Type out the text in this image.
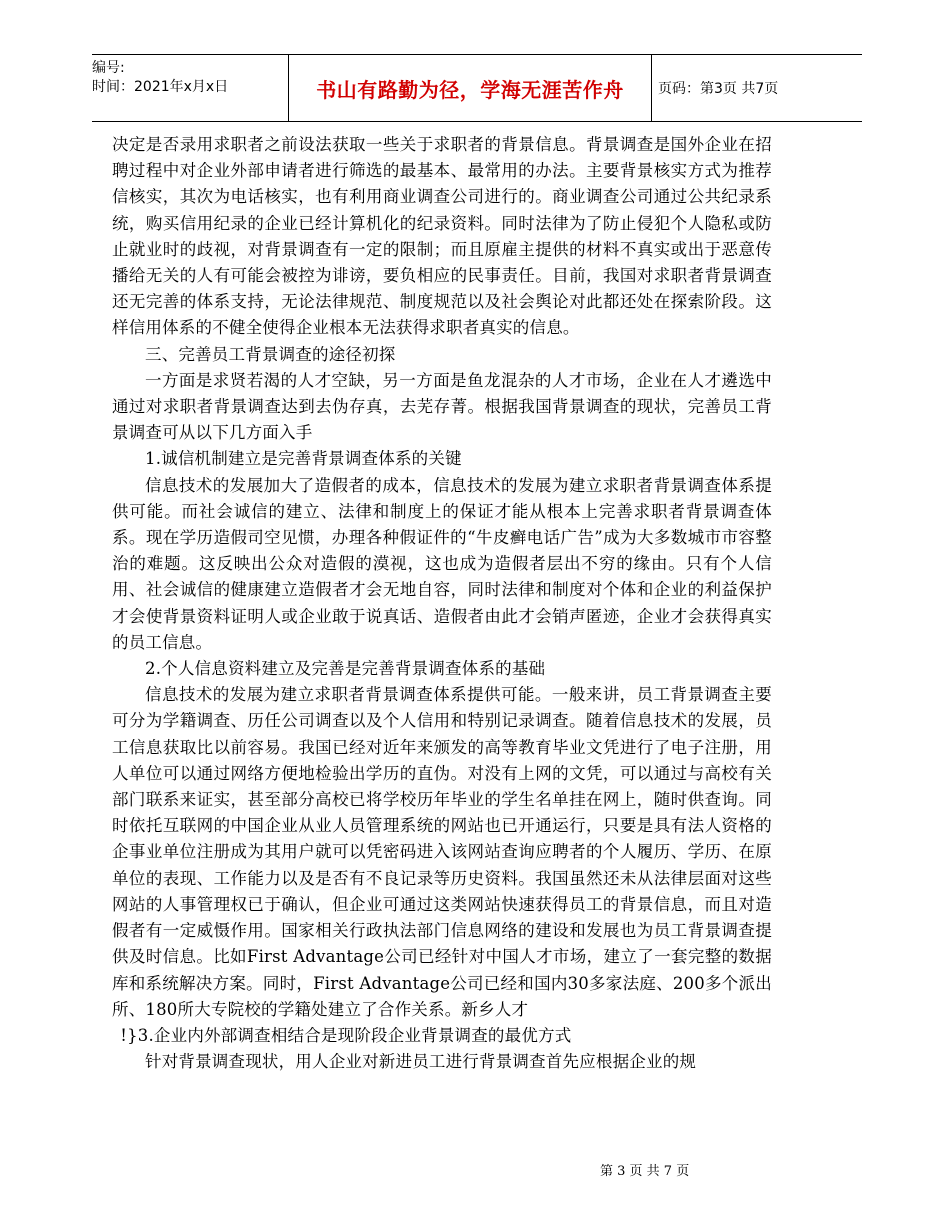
编号:
时间：2021年x月x日	书山有路勤为径，学海无涯苦作舟 页码：第3页 共7页

决定是否录用求职者之前设法获取一些关于求职者的背景信息。背景调查是国外企业在招聘过程中对企业外部申请者进行筛选的最基本、最常用的办法。主要背景核实方式为推荐信核实，其次为电话核实，也有利用商业调查公司进行的。商业调查公司通过公共纪录系统，购买信用纪录的企业已经计算机化的纪录资料。同时法律为了防止侵犯个人隐私或防止就业时的歧视，对背景调查有一定的限制；而且原雇主提供的材料不真实或出于恶意传播给无关的人有可能会被控为诽谤，要负相应的民事责任。目前，我国对求职者背景调查还无完善的体系支持，无论法律规范、制度规范以及社会舆论对此都还处在探索阶段。这样信用体系的不健全使得企业根本无法获得求职者真实的信息。

三、完善员工背景调查的途径初探

一方面是求贤若渴的人才空缺，另一方面是鱼龙混杂的人才市场，企业在人才遴选中通过对求职者背景调查达到去伪存真，去芜存菁。根据我国背景调查的现状，完善员工背景调查可从以下几方面入手

1.诚信机制建立是完善背景调查体系的关键

信息技术的发展加大了造假者的成本，信息技术的发展为建立求职者背景调查体系提供可能。而社会诚信的建立、法律和制度上的保证才能从根本上完善求职者背景调查体系。现在学历造假司空见惯，办理各种假证件的“牛皮癣电话广告”成为大多数城市市容整治的难题。这反映出公众对造假的漠视，这也成为造假者层出不穷的缘由。只有个人信用、社会诚信的健康建立造假者才会无地自容，同时法律和制度对个体和企业的利益保护才会使背景资料证明人或企业敢于说真话、造假者由此才会销声匿迹，企业才会获得真实的员工信息。

2.个人信息资料建立及完善是完善背景调查体系的基础

信息技术的发展为建立求职者背景调查体系提供可能。一般来讲，员工背景调查主要可分为学籍调查、历任公司调查以及个人信用和特别记录调查。随着信息技术的发展，员工信息获取比以前容易。我国已经对近年来颁发的高等教育毕业文凭进行了电子注册，用人单位可以通过网络方便地检验出学历的直伪。对没有上网的文凭，可以通过与高校有关部门联系来证实，甚至部分高校已将学校历年毕业的学生名单挂在网上，随时供查询。同时依托互联网的中国企业从业人员管理系统的网站也已开通运行，只要是具有法人资格的企事业单位注册成为其用户就可以凭密码进入该网站查询应聘者的个人履历、学历、在原单位的表现、工作能力以及是否有不良记录等历史资料。我国虽然还未从法律层面对这些网站的人事管理权已于确认，但企业可通过这类网站快速获得员工的背景信息，而且对造假者有一定威慑作用。国家相关行政执法部门信息网络的建设和发展也为员工背景调查提供及时信息。比如First Advantage公司已经针对中国人才市场，建立了一套完整的数据库和系统解决方案。同时，First Advantage公司已经和国内30多家法庭、200多个派出所、180所大专院校的学籍处建立了合作关系。新乡人才

!}3.企业内外部调查相结合是现阶段企业背景调查的最优方式

针对背景调查现状，用人企业对新进员工进行背景调查首先应根据企业的规

第 3 页 共 7 页
